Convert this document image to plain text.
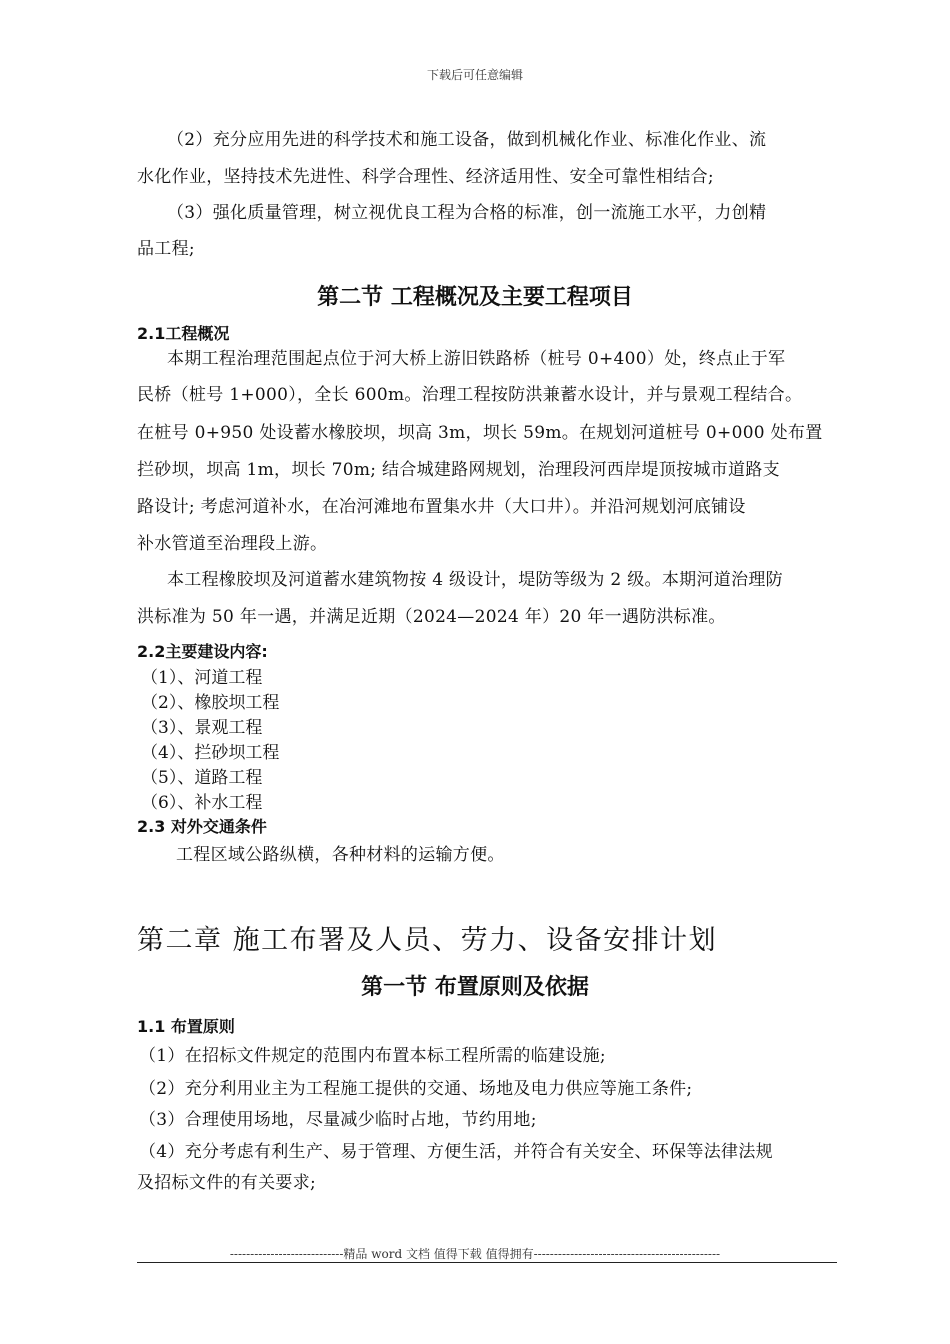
下载后可任意编辑
（2）充分应用先进的科学技术和施工设备，做到机械化作业、标准化作业、流
水化作业，坚持技术先进性、科学合理性、经济适用性、安全可靠性相结合;
（3）强化质量管理，树立视优良工程为合格的标准，创一流施工水平，力创精
品工程;
第二节 工程概况及主要工程项目
2.1工程概况
本期工程治理范围起点位于河大桥上游旧铁路桥（桩号 0+400）处，终点止于军
民桥（桩号 1+000），全长 600m。治理工程按防洪兼蓄水设计，并与景观工程结合。
在桩号 0+950 处设蓄水橡胶坝，坝高 3m，坝长 59m。在规划河道桩号 0+000 处布置
拦砂坝，坝高 1m，坝长 70m; 结合城建路网规划，治理段河西岸堤顶按城市道路支
路设计; 考虑河道补水，在冶河滩地布置集水井（大口井）。并沿河规划河底铺设
补水管道至治理段上游。
本工程橡胶坝及河道蓄水建筑物按 4 级设计，堤防等级为 2 级。本期河道治理防
洪标准为 50 年一遇，并满足近期（2024—2024 年）20 年一遇防洪标准。
2.2主要建设内容:
（1）、河道工程
（2）、橡胶坝工程
（3）、景观工程
（4）、拦砂坝工程
（5）、道路工程
（6）、补水工程
2.3 对外交通条件
工程区域公路纵横，各种材料的运输方便。
第二章 施工布署及人员、劳力、设备安排计划
第一节 布置原则及依据
1.1 布置原则
（1）在招标文件规定的范围内布置本标工程所需的临建设施;
（2）充分利用业主为工程施工提供的交通、场地及电力供应等施工条件;
（3）合理使用场地，尽量减少临时占地，节约用地;
（4）充分考虑有利生产、易于管理、方便生活，并符合有关安全、环保等法律法规
及招标文件的有关要求;
----------------------------精品 word 文档 值得下载 值得拥有----------------------------------------------
